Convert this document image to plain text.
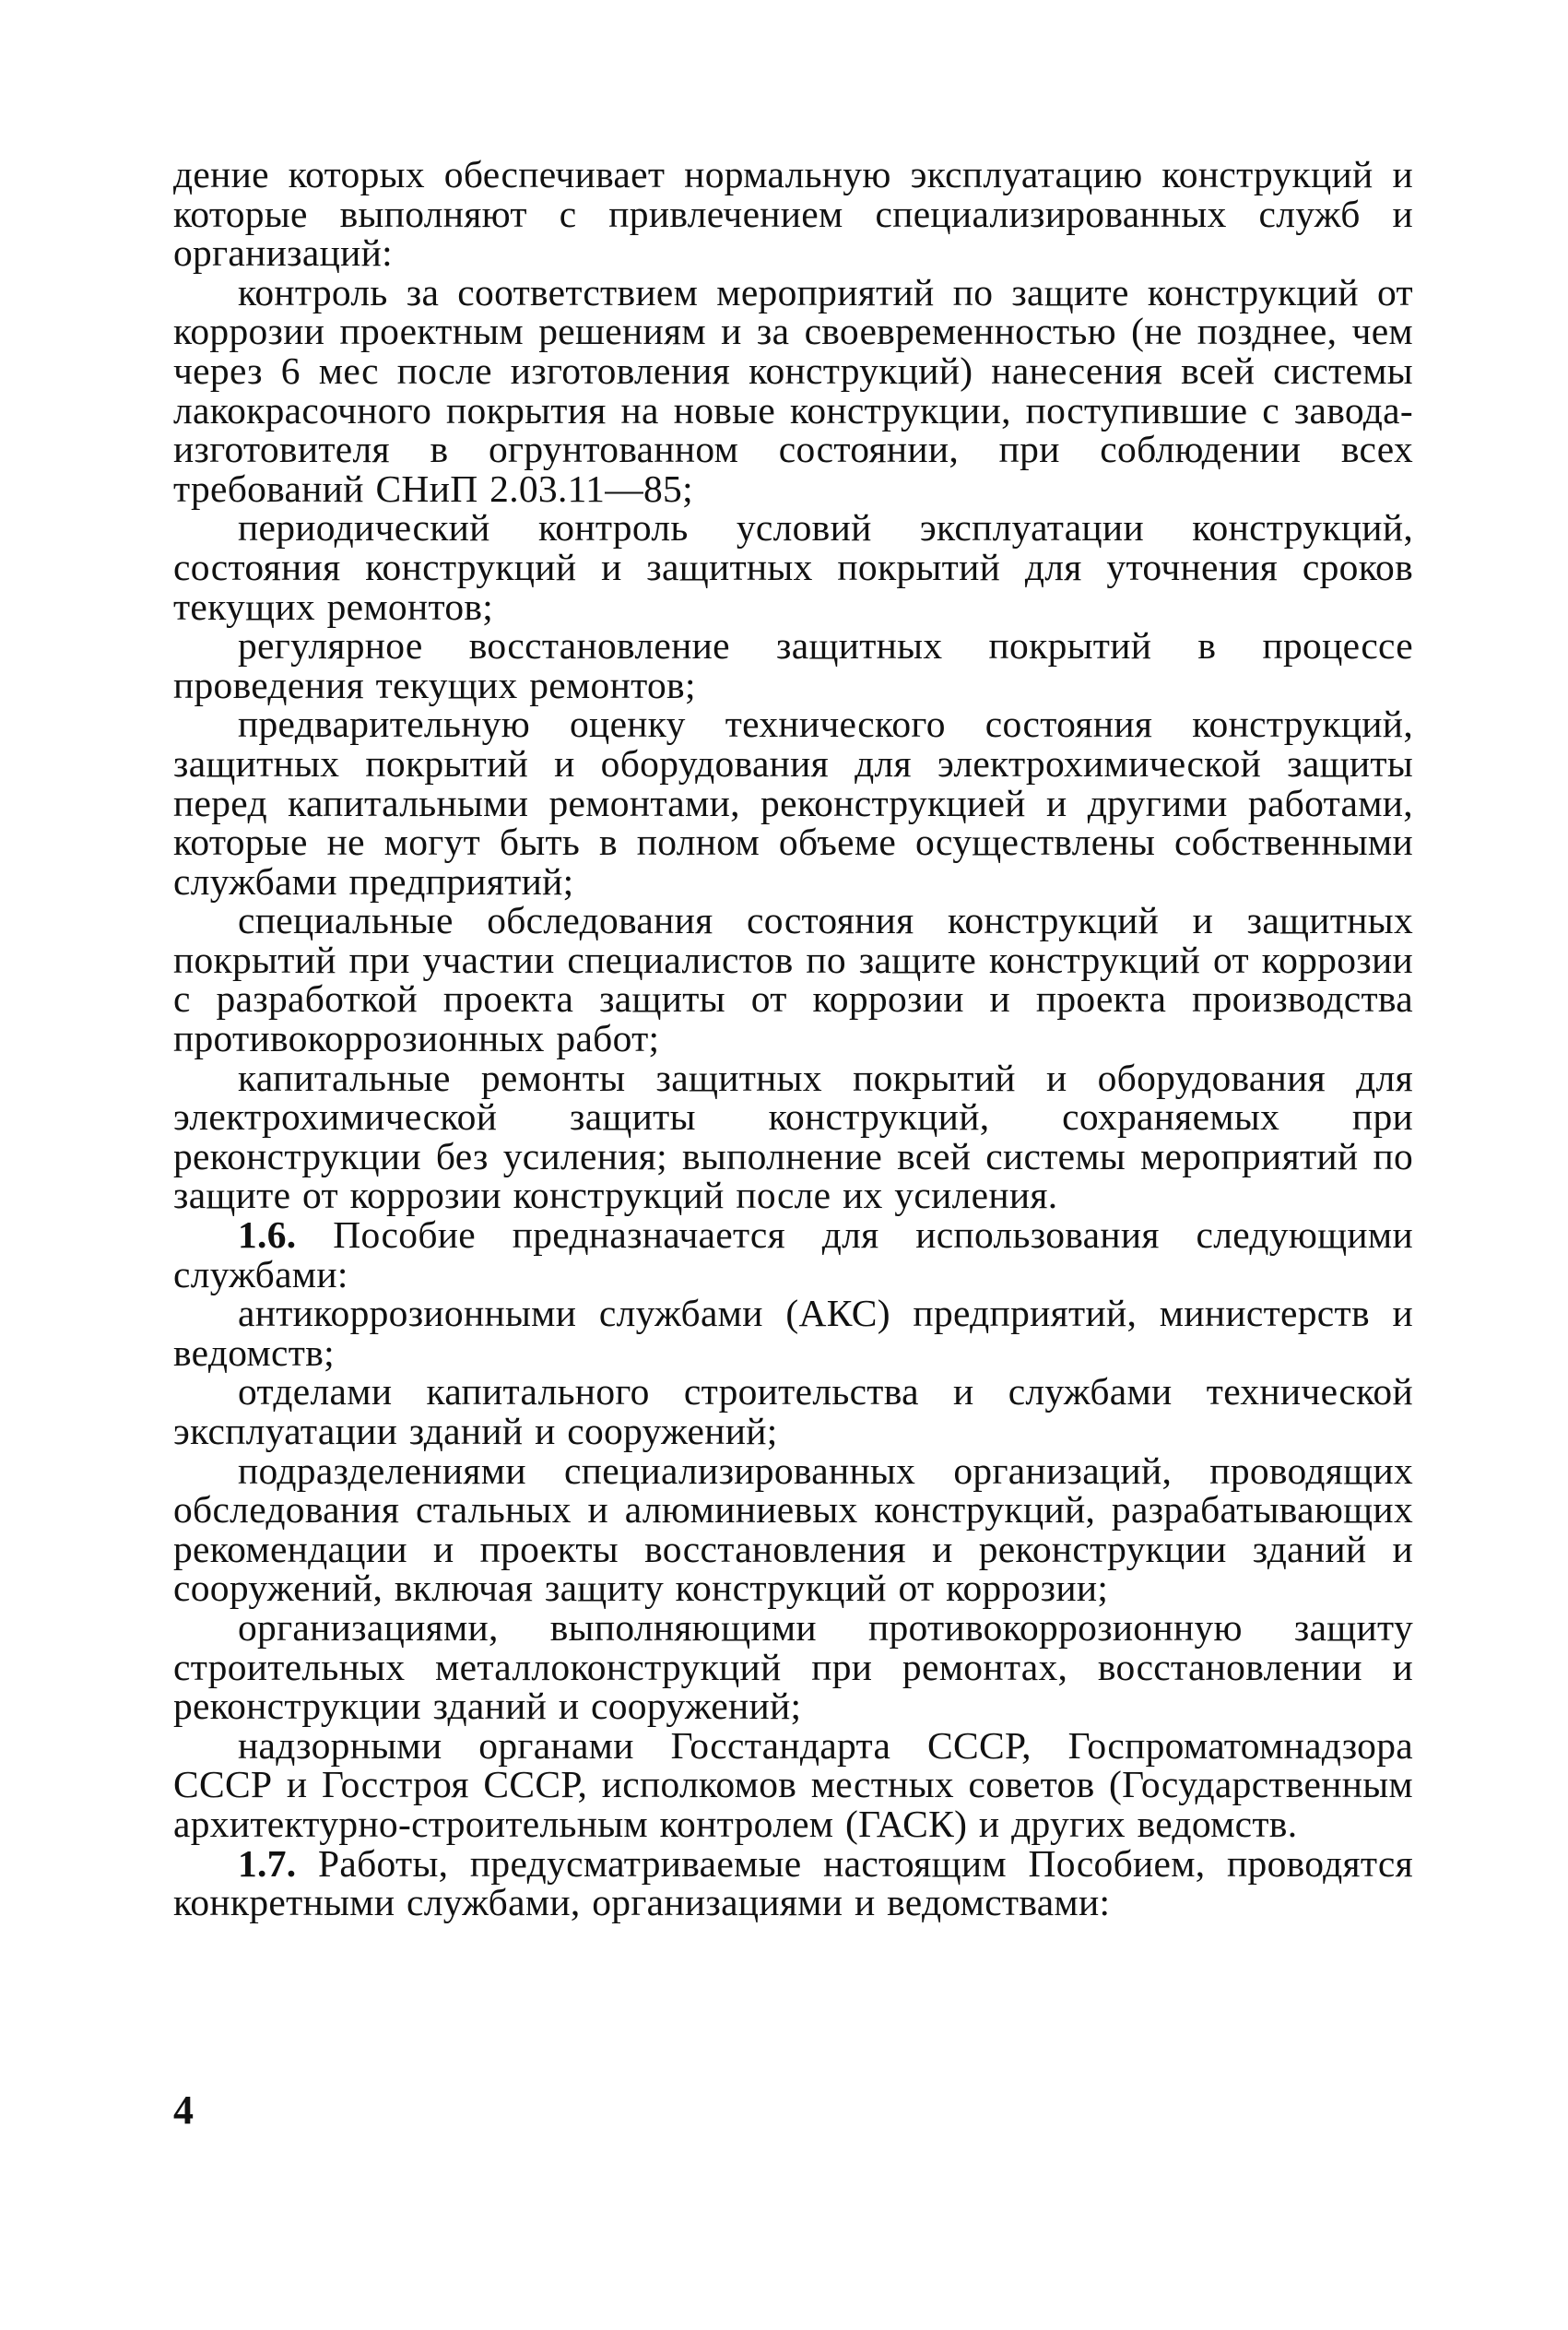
дение которых обеспечивает нормальную эксплуатацию конструкций и которые выполняют с привлечением специализированных служб и организаций:

контроль за соответствием мероприятий по защите конструкций от коррозии проектным решениям и за своевременностью (не позднее, чем через 6 мес после изготовления конструкций) нанесения всей системы лакокрасочного покрытия на новые конструкции, поступившие с завода-изготовителя в огрунтованном состоянии, при соблюдении всех требований СНиП 2.03.11—85;

периодический контроль условий эксплуатации конструкций, состояния конструкций и защитных покрытий для уточнения сроков текущих ремонтов;

регулярное восстановление защитных покрытий в процессе проведения текущих ремонтов;

предварительную оценку технического состояния конструкций, защитных покрытий и оборудования для электрохимической защиты перед капитальными ремонтами, реконструкцией и другими работами, которые не могут быть в полном объеме осуществлены собственными службами предприятий;

специальные обследования состояния конструкций и защитных покрытий при участии специалистов по защите конструкций от коррозии с разработкой проекта защиты от коррозии и проекта производства противокоррозионных работ;

капитальные ремонты защитных покрытий и оборудования для электрохимической защиты конструкций, сохраняемых при реконструкции без усиления; выполнение всей системы мероприятий по защите от коррозии конструкций после их усиления.

1.6. Пособие предназначается для использования следующими службами:

антикоррозионными службами (АКС) предприятий, министерств и ведомств;

отделами капитального строительства и службами технической эксплуатации зданий и сооружений;

подразделениями специализированных организаций, проводящих обследования стальных и алюминиевых конструкций, разрабатывающих рекомендации и проекты восстановления и реконструкции зданий и сооружений, включая защиту конструкций от коррозии;

организациями, выполняющими противокоррозионную защиту строительных металлоконструкций при ремонтах, восстановлении и реконструкции зданий и сооружений;

надзорными органами Госстандарта СССР, Госпроматомнадзора СССР и Госстроя СССР, исполкомов местных советов (Государственным архитектурно-строительным контролем (ГАСК) и других ведомств.

1.7. Работы, предусматриваемые настоящим Пособием, проводятся конкретными службами, организациями и ведомствами:

4
